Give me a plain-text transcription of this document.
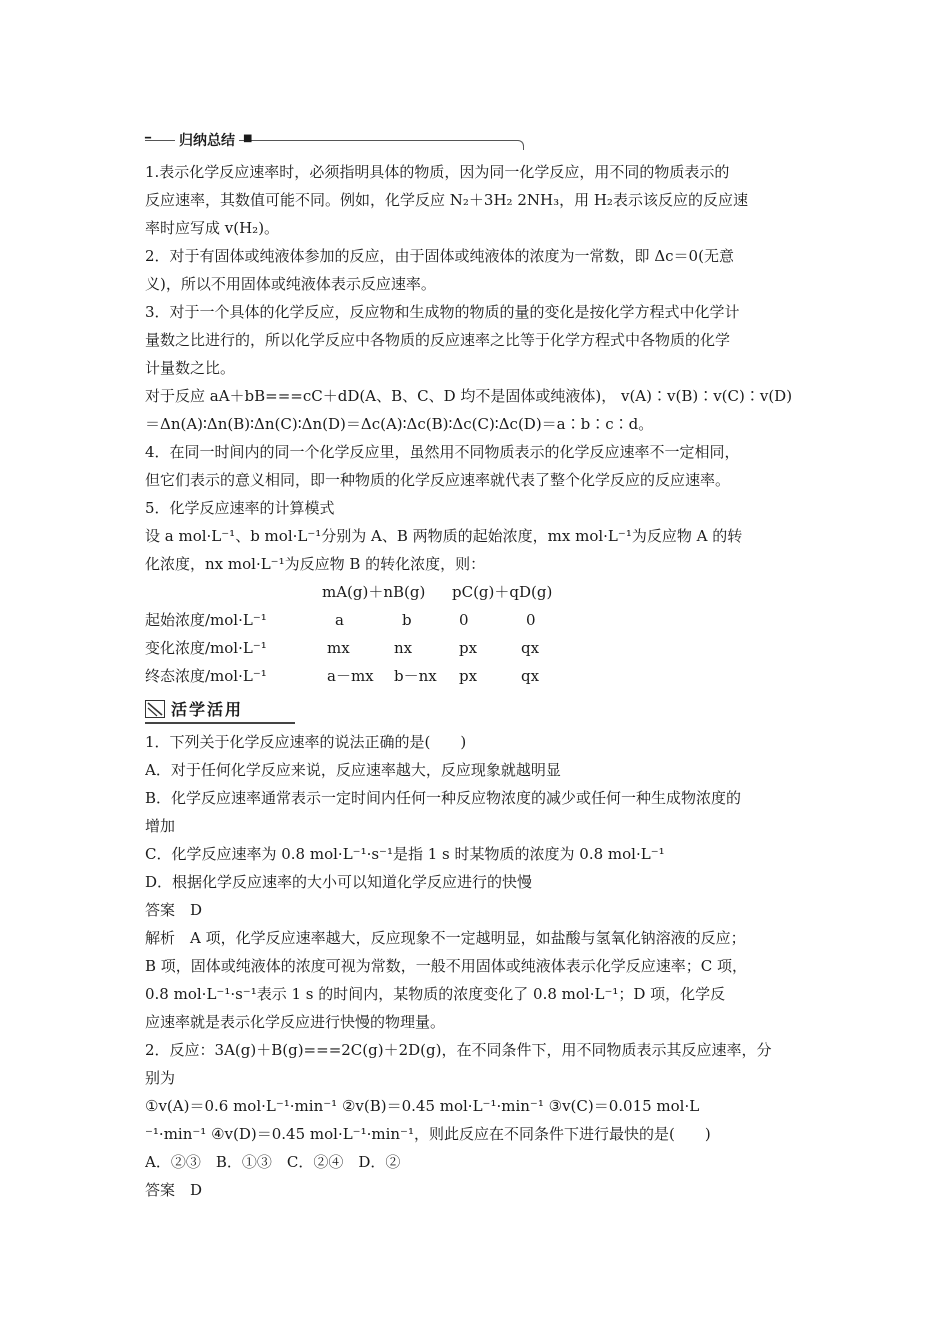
━ 归纳总结 ■
1.表示化学反应速率时，必须指明具体的物质，因为同一化学反应，用不同的物质表示的
反应速率，其数值可能不同。例如，化学反应 N₂＋3H₂ 2NH₃，用 H₂表示该反应的反应速
率时应写成 v(H₂)。
2．对于有固体或纯液体参加的反应，由于固体或纯液体的浓度为一常数，即 Δc＝0(无意
义)，所以不用固体或纯液体表示反应速率。
3．对于一个具体的化学反应，反应物和生成物的物质的量的变化是按化学方程式中化学计
量数之比进行的，所以化学反应中各物质的反应速率之比等于化学方程式中各物质的化学
计量数之比。
对于反应 aA＋bB===cC＋dD(A、B、C、D 均不是固体或纯液体)， v(A)∶v(B)∶v(C)∶v(D)
＝Δn(A)∶Δn(B)∶Δn(C)∶Δn(D)＝Δc(A)∶Δc(B)∶Δc(C)∶Δc(D)＝a∶b∶c∶d。
4．在同一时间内的同一个化学反应里，虽然用不同物质表示的化学反应速率不一定相同，
但它们表示的意义相同，即一种物质的化学反应速率就代表了整个化学反应的反应速率。
5．化学反应速率的计算模式
设 a mol·L⁻¹、b mol·L⁻¹分别为 A、B 两物质的起始浓度，mx mol·L⁻¹为反应物 A 的转
化浓度，nx mol·L⁻¹为反应物 B 的转化浓度，则：
mA(g)＋nB(g) pC(g)＋qD(g)
起始浓度/mol·L⁻¹	a	b	0	0
变化浓度/mol·L⁻¹	mx	nx	px	qx
终态浓度/mol·L⁻¹	a－mx b－nx px	qx
活学活用
1．下列关于化学反应速率的说法正确的是(　　)
A．对于任何化学反应来说，反应速率越大，反应现象就越明显
B．化学反应速率通常表示一定时间内任何一种反应物浓度的减少或任何一种生成物浓度的
增加
C．化学反应速率为 0.8 mol·L⁻¹·s⁻¹是指 1 s 时某物质的浓度为 0.8 mol·L⁻¹
D．根据化学反应速率的大小可以知道化学反应进行的快慢
答案　D
解析　A 项，化学反应速率越大，反应现象不一定越明显，如盐酸与氢氧化钠溶液的反应；
B 项，固体或纯液体的浓度可视为常数，一般不用固体或纯液体表示化学反应速率；C 项，
0.8 mol·L⁻¹·s⁻¹表示 1 s 的时间内，某物质的浓度变化了 0.8 mol·L⁻¹；D 项，化学反
应速率就是表示化学反应进行快慢的物理量。
2．反应：3A(g)＋B(g)===2C(g)＋2D(g)，在不同条件下，用不同物质表示其反应速率，分
别为
①v(A)＝0.6 mol·L⁻¹·min⁻¹ ②v(B)＝0.45 mol·L⁻¹·min⁻¹ ③v(C)＝0.015 mol·L
⁻¹·min⁻¹ ④v(D)＝0.45 mol·L⁻¹·min⁻¹，则此反应在不同条件下进行最快的是(　　)
A．②③　B．①③　C．②④　D．②
答案　D
